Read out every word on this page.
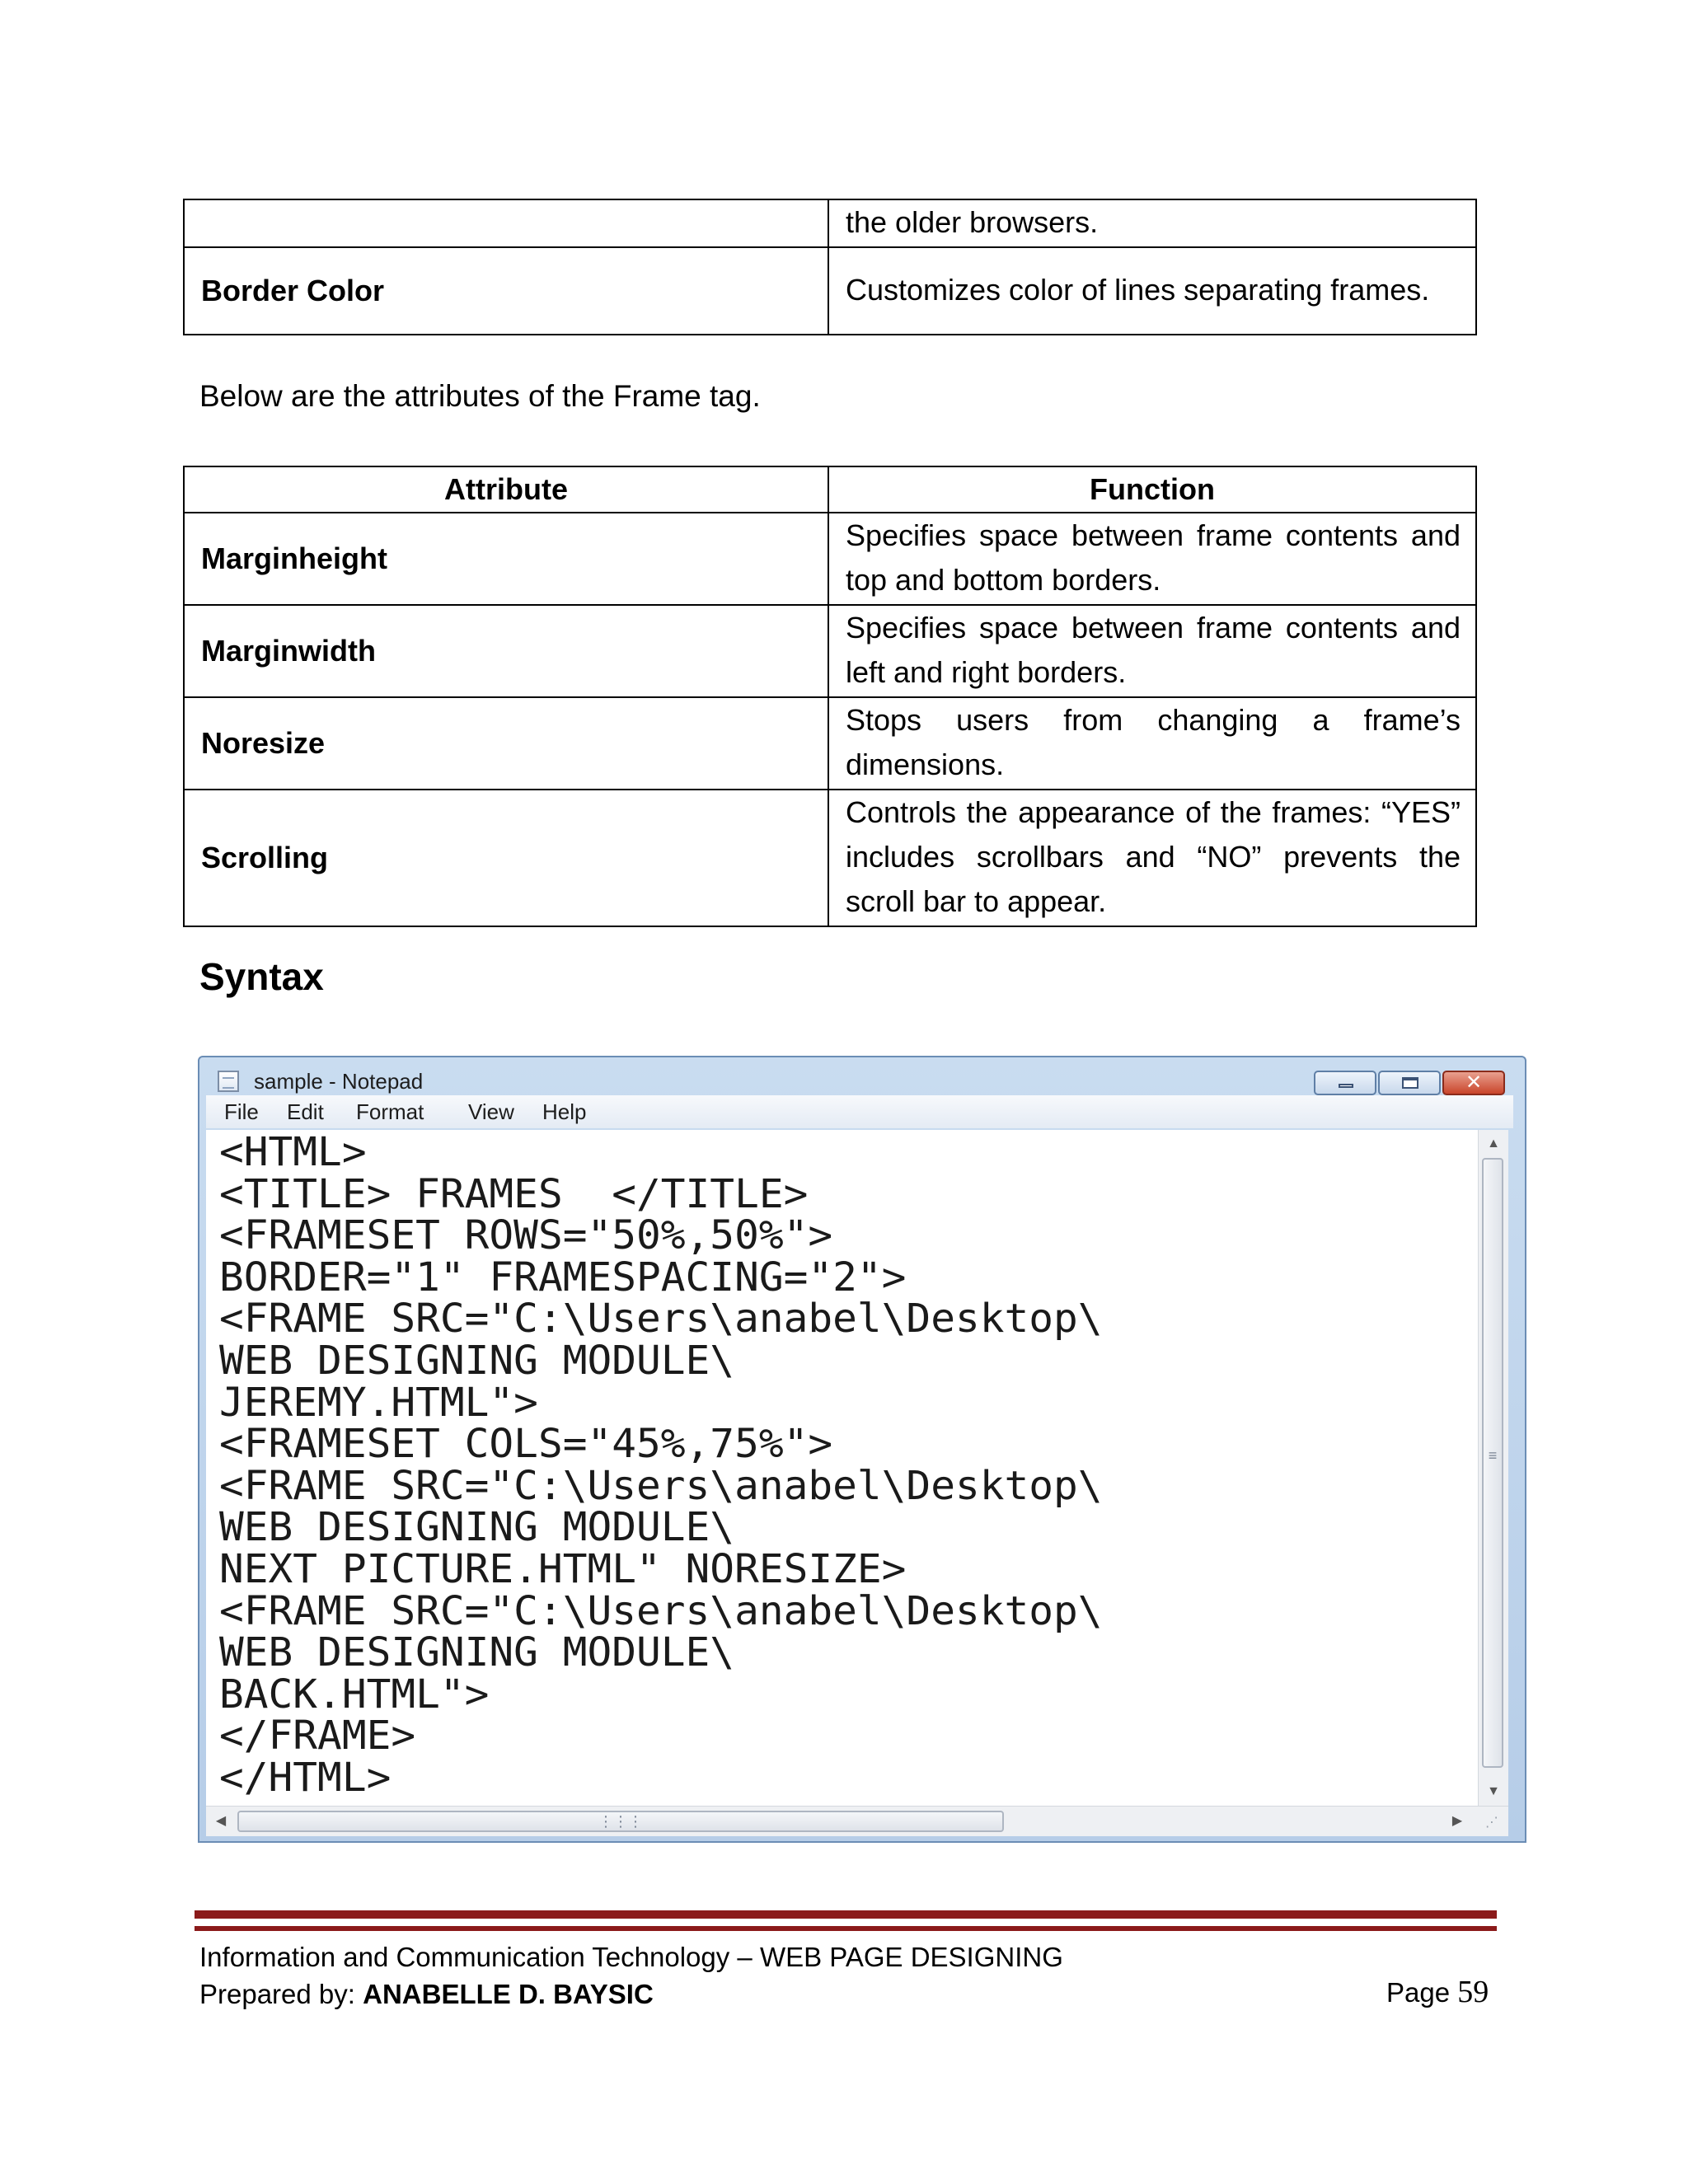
	the older browsers.
Border Color	Customizes color of lines separating frames.
Below are the attributes of the Frame tag.
Attribute	Function
Marginheight	Specifies space between frame contents and top and bottom borders.
Marginwidth	Specifies space between frame contents and left and right borders.
Noresize	Stops users from changing a frame’s dimensions.
Scrolling	Controls the appearance of the frames: “YES” includes scrollbars and “NO” prevents the scroll bar to appear.
Syntax
sample - Notepad
✕
File Edit Format View Help
<HTML>
<TITLE> FRAMES  </TITLE>
<FRAMESET ROWS="50%,50%">
BORDER="1" FRAMESPACING="2">
<FRAME SRC="C:\Users\anabel\Desktop\
WEB DESIGNING MODULE\
JEREMY.HTML">
<FRAMESET COLS="45%,75%">
<FRAME SRC="C:\Users\anabel\Desktop\
WEB DESIGNING MODULE\
NEXT PICTURE.HTML" NORESIZE>
<FRAME SRC="C:\Users\anabel\Desktop\
WEB DESIGNING MODULE\
BACK.HTML">
</FRAME>
</HTML>
▲
≡
▼
◀	⋮⋮⋮	▶	⋰
Information and Communication Technology – WEB PAGE DESIGNING
Prepared by: ANABELLE D. BAYSIC	Page 59
